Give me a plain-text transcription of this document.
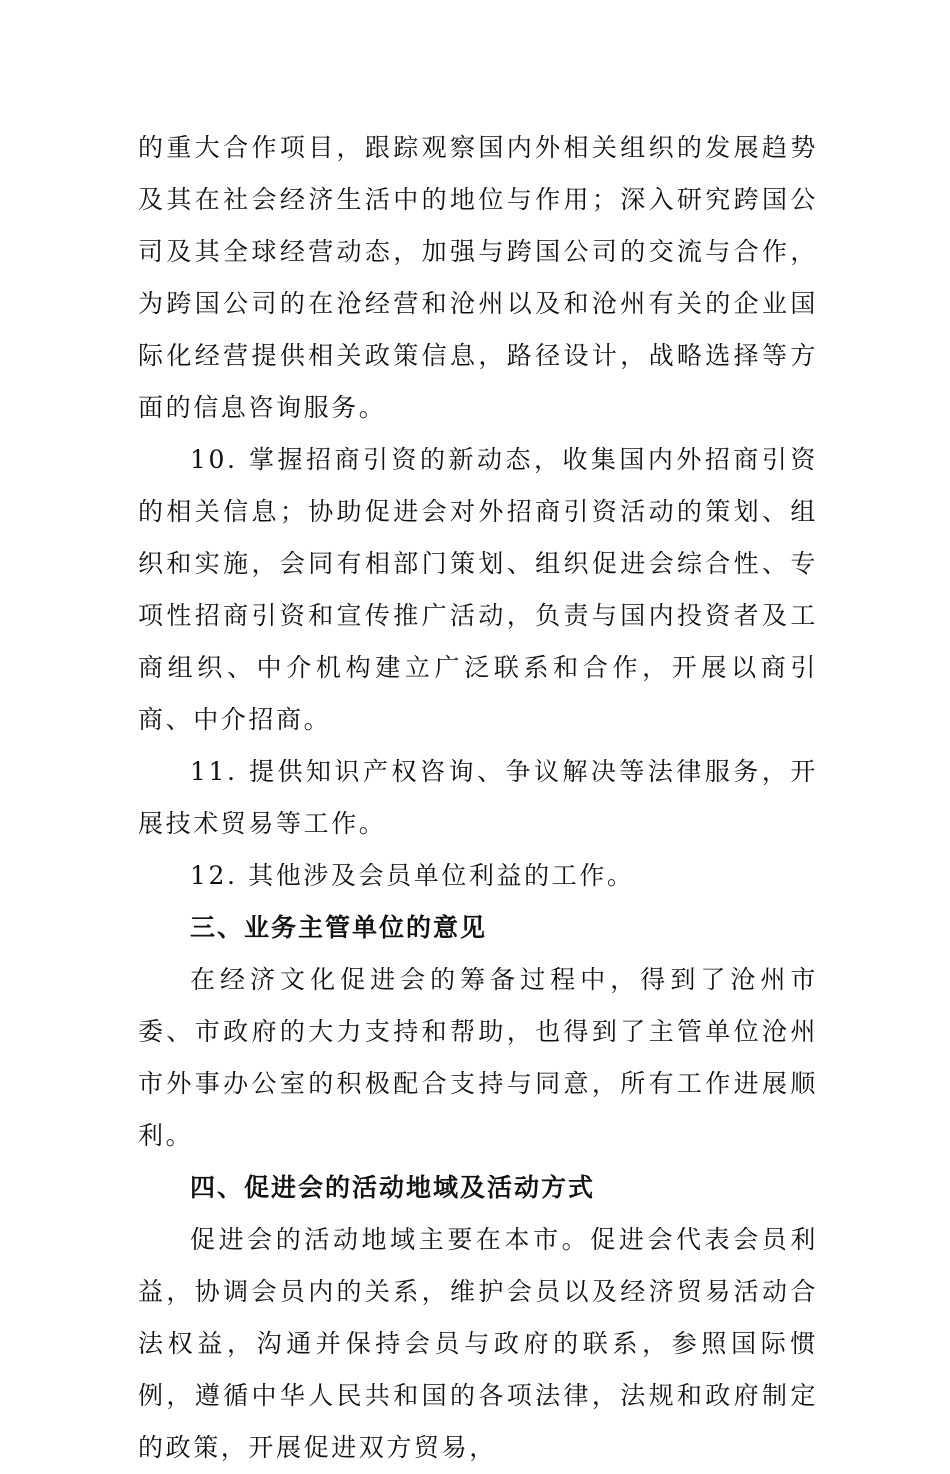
的重大合作项目，跟踪观察国内外相关组织的发展趋势及其在社会经济生活中的地位与作用；深入研究跨国公司及其全球经营动态，加强与跨国公司的交流与合作，为跨国公司的在沧经营和沧州以及和沧州有关的企业国际化经营提供相关政策信息，路径设计，战略选择等方面的信息咨询服务。

10. 掌握招商引资的新动态，收集国内外招商引资的相关信息；协助促进会对外招商引资活动的策划、组织和实施，会同有相部门策划、组织促进会综合性、专项性招商引资和宣传推广活动，负责与国内投资者及工商组织、中介机构建立广泛联系和合作，开展以商引商、中介招商。

11. 提供知识产权咨询、争议解决等法律服务，开展技术贸易等工作。

12. 其他涉及会员单位利益的工作。

三、业务主管单位的意见

在经济文化促进会的筹备过程中，得到了沧州市委、市政府的大力支持和帮助，也得到了主管单位沧州市外事办公室的积极配合支持与同意，所有工作进展顺利。

四、促进会的活动地域及活动方式

促进会的活动地域主要在本市。促进会代表会员利益，协调会员内的关系，维护会员以及经济贸易活动合法权益，沟通并保持会员与政府的联系，参照国际惯例，遵循中华人民共和国的各项法律，法规和政府制定的政策，开展促进双方贸易，
